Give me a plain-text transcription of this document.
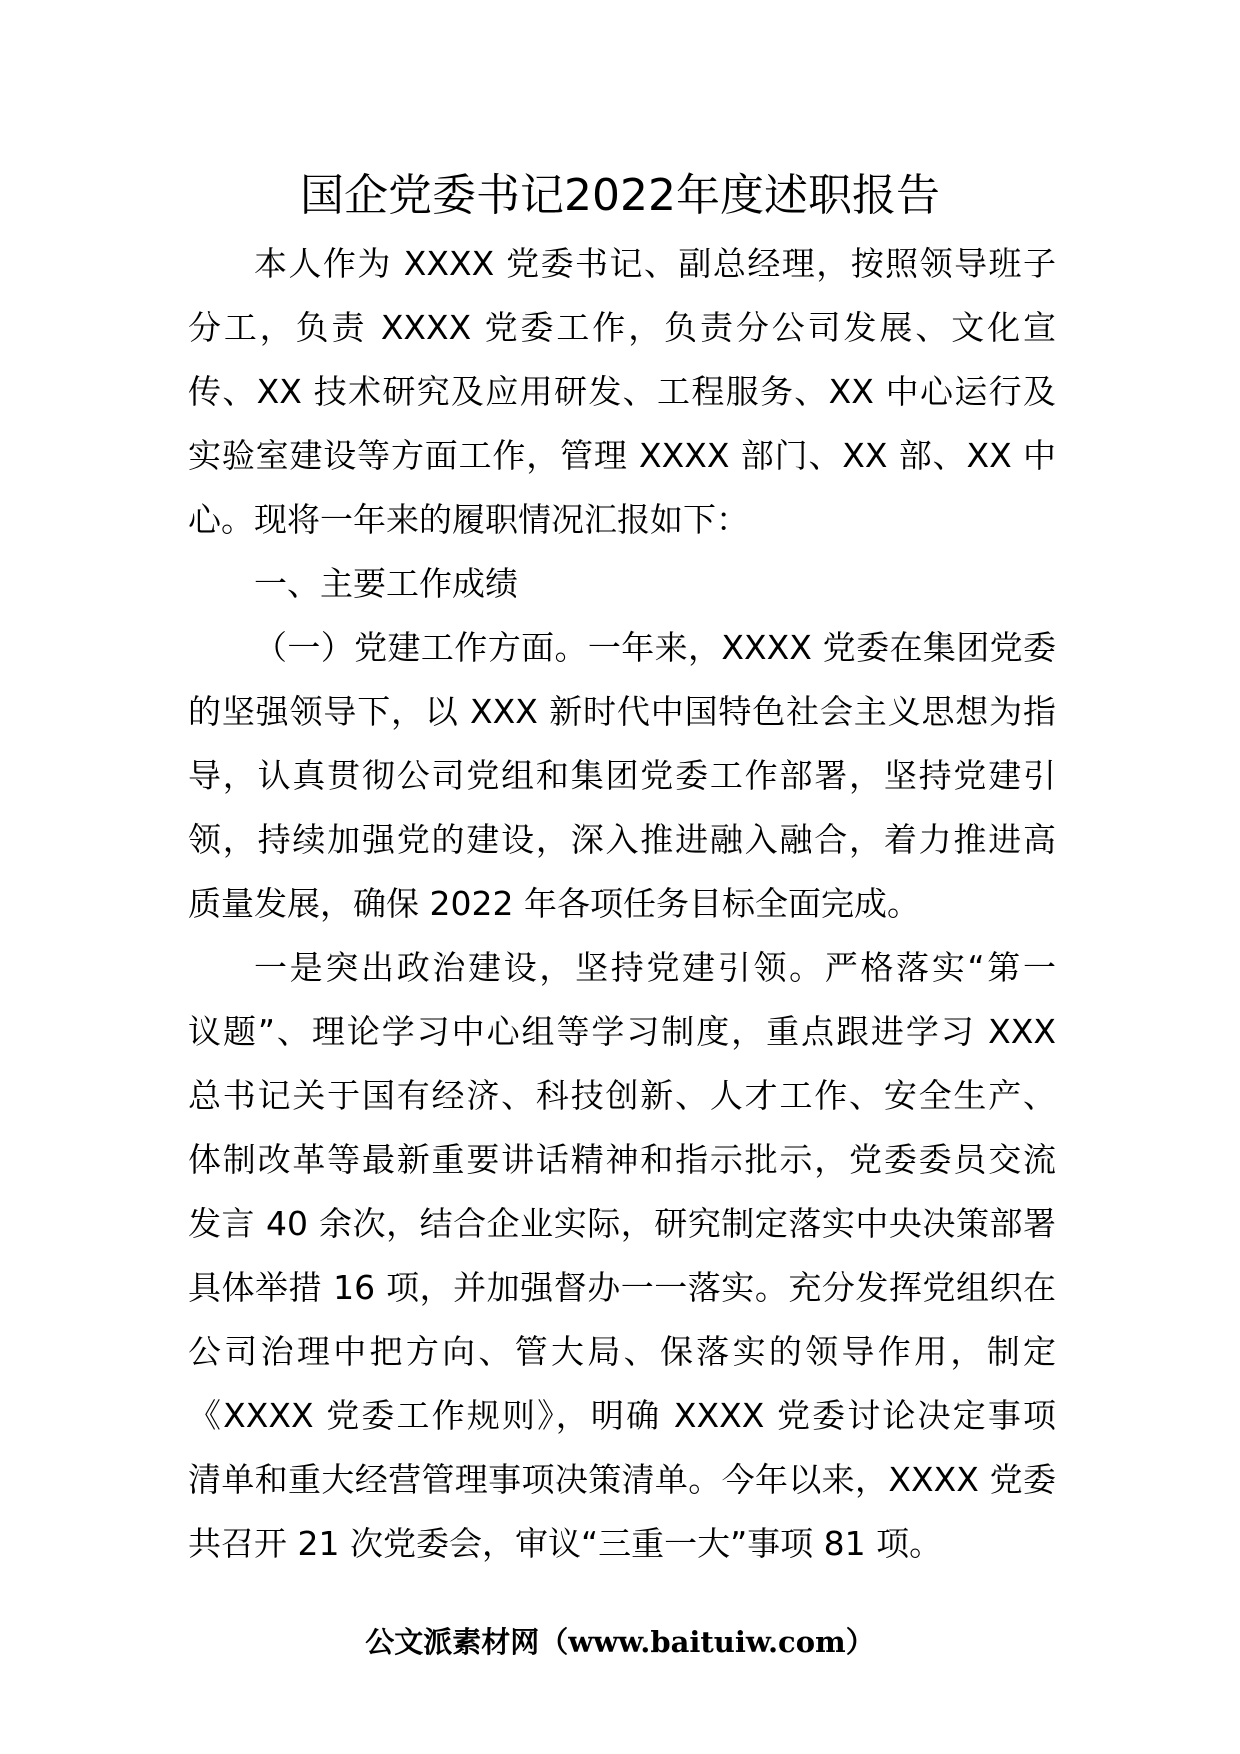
国企党委书记2022年度述职报告
本人作为 XXXX 党委书记、副总经理，按照领导班子
分工，负责 XXXX 党委工作，负责分公司发展、文化宣
传、XX 技术研究及应用研发、工程服务、XX 中心运行及
实验室建设等方面工作，管理 XXXX 部门、XX 部、XX 中
心。现将一年来的履职情况汇报如下：
一、主要工作成绩
（一）党建工作方面。一年来，XXXX 党委在集团党委
的坚强领导下，以 XXX 新时代中国特色社会主义思想为指
导，认真贯彻公司党组和集团党委工作部署，坚持党建引
领，持续加强党的建设，深入推进融入融合，着力推进高
质量发展，确保 2022 年各项任务目标全面完成。
一是突出政治建设，坚持党建引领。严格落实“第一
议题”、理论学习中心组等学习制度，重点跟进学习 XXX
总书记关于国有经济、科技创新、人才工作、安全生产、
体制改革等最新重要讲话精神和指示批示，党委委员交流
发言 40 余次，结合企业实际，研究制定落实中央决策部署
具体举措 16 项，并加强督办一一落实。充分发挥党组织在
公司治理中把方向、管大局、保落实的领导作用，制定
《XXXX 党委工作规则》，明确 XXXX 党委讨论决定事项
清单和重大经营管理事项决策清单。今年以来，XXXX 党委
共召开 21 次党委会，审议“三重一大”事项 81 项。
公文派素材网（www.baituiw.com）
